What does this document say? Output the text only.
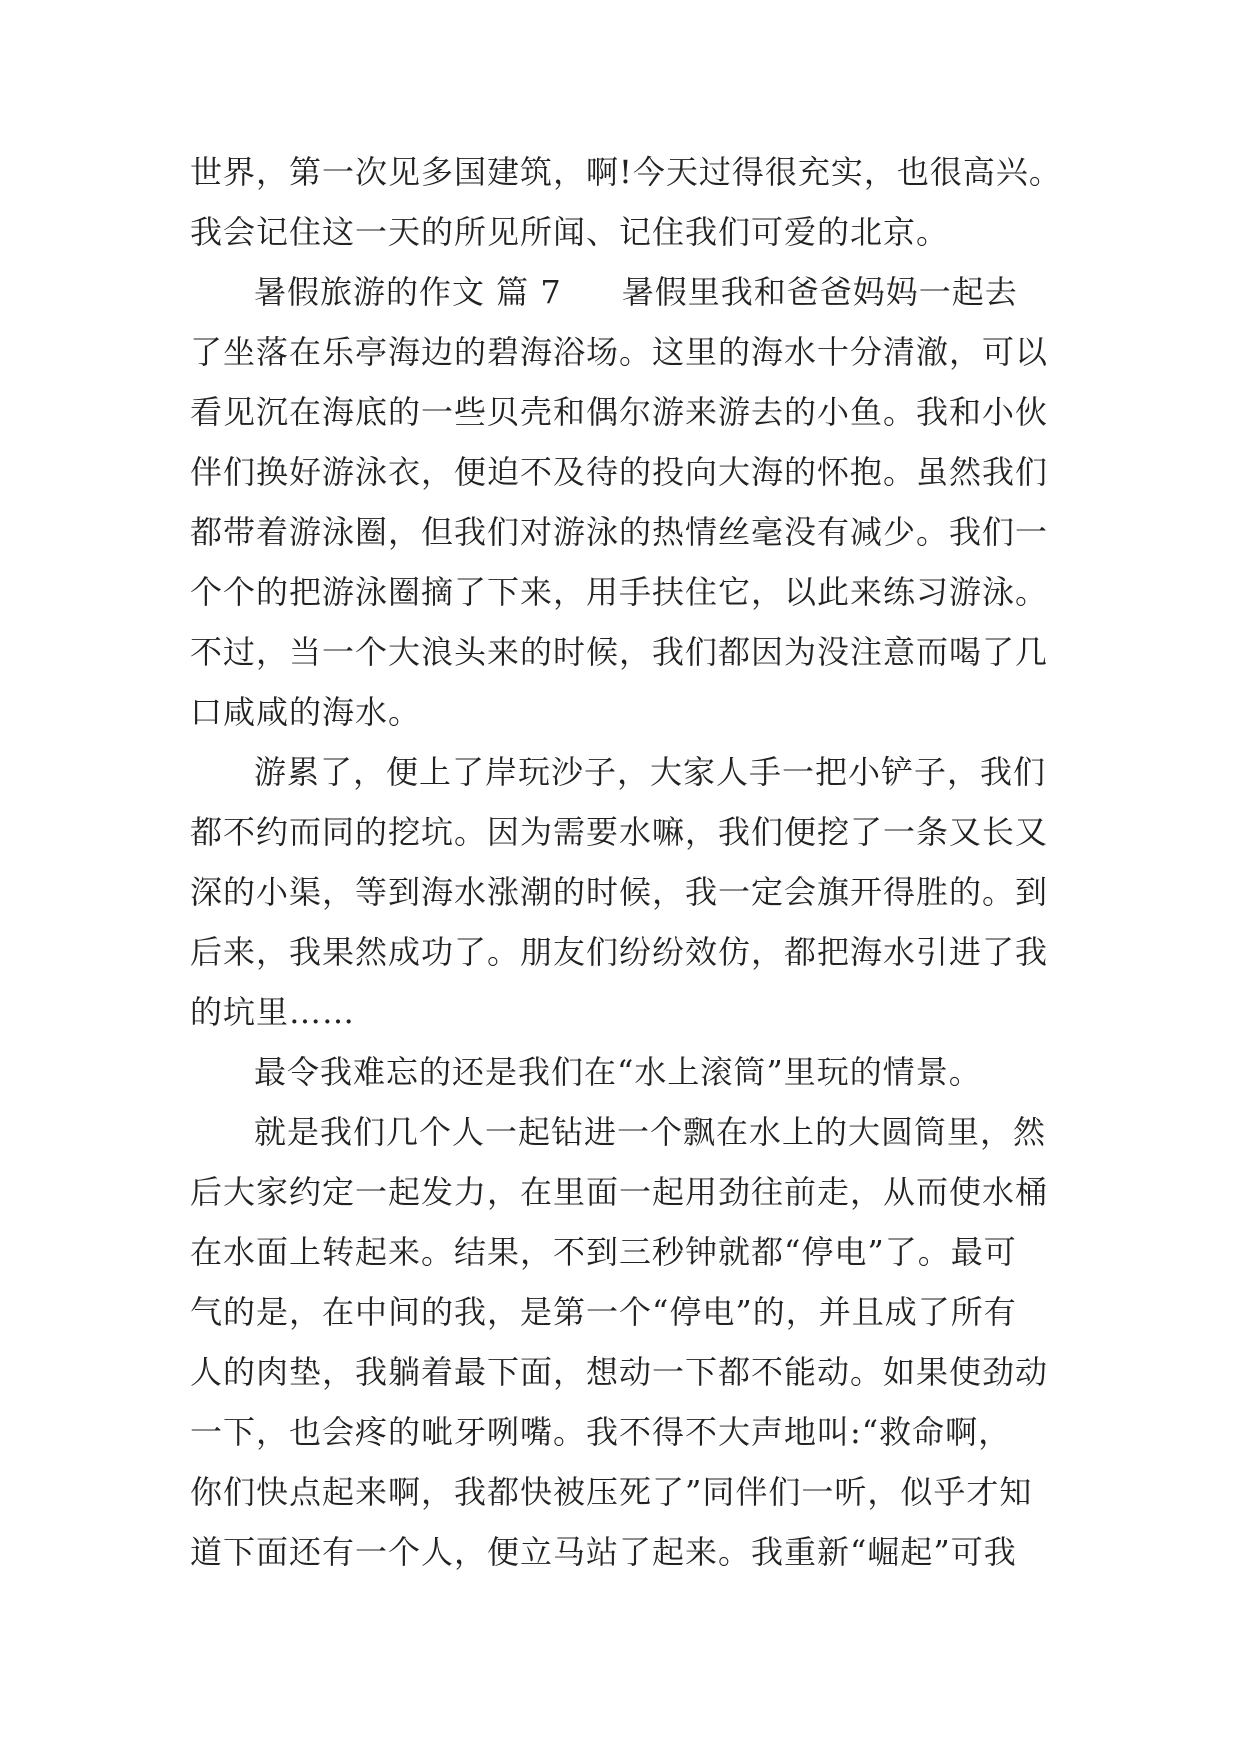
世界，第一次见多国建筑，啊!今天过得很充实，也很高兴。
我会记住这一天的所见所闻、记住我们可爱的北京。
暑假旅游的作文 篇 7 暑假里我和爸爸妈妈一起去
了坐落在乐亭海边的碧海浴场。这里的海水十分清澈，可以
看见沉在海底的一些贝壳和偶尔游来游去的小鱼。我和小伙
伴们换好游泳衣，便迫不及待的投向大海的怀抱。虽然我们
都带着游泳圈，但我们对游泳的热情丝毫没有减少。我们一
个个的把游泳圈摘了下来，用手扶住它，以此来练习游泳。
不过，当一个大浪头来的时候，我们都因为没注意而喝了几
口咸咸的海水。
游累了，便上了岸玩沙子，大家人手一把小铲子，我们
都不约而同的挖坑。因为需要水嘛，我们便挖了一条又长又
深的小渠，等到海水涨潮的时候，我一定会旗开得胜的。到
后来，我果然成功了。朋友们纷纷效仿，都把海水引进了我
的坑里……
最令我难忘的还是我们在“水上滚筒”里玩的情景。
就是我们几个人一起钻进一个飘在水上的大圆筒里，然
后大家约定一起发力，在里面一起用劲往前走，从而使水桶
在水面上转起来。结果，不到三秒钟就都“停电”了。最可
气的是，在中间的我，是第一个“停电”的，并且成了所有
人的肉垫，我躺着最下面，想动一下都不能动。如果使劲动
一下，也会疼的呲牙咧嘴。我不得不大声地叫:“救命啊，
你们快点起来啊，我都快被压死了”同伴们一听，似乎才知
道下面还有一个人，便立马站了起来。我重新“崛起”可我
